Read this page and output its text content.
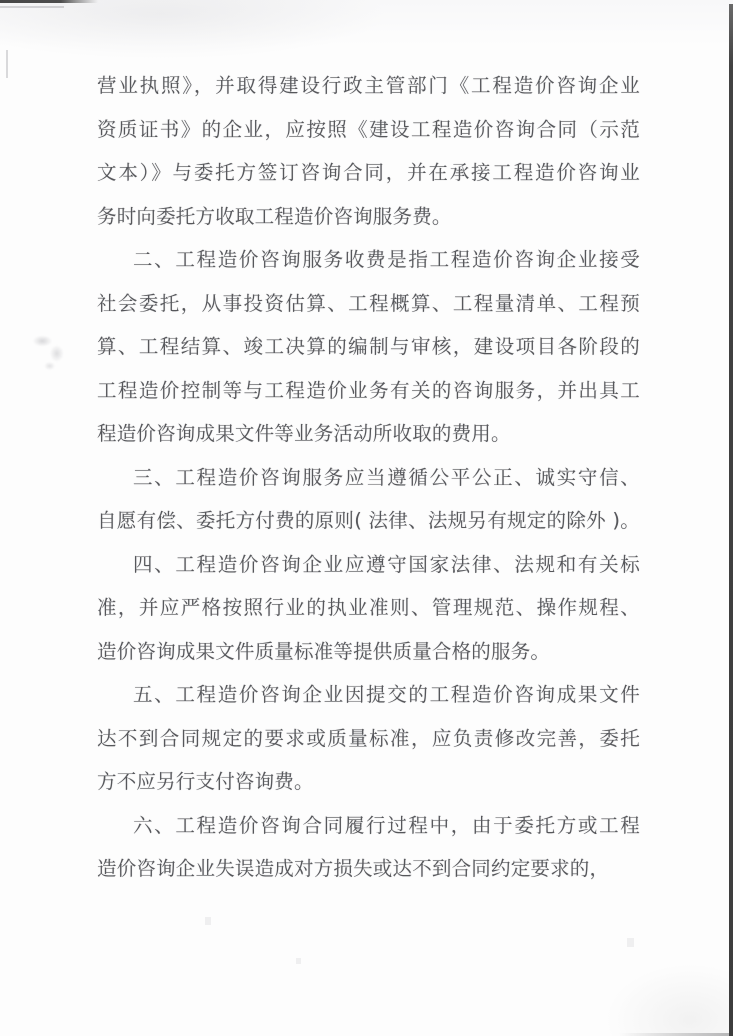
营业执照》，并取得建设行政主管部门《工程造价咨询企业
资质证书》的企业，应按照《建设工程造价咨询合同（示范
文本）》与委托方签订咨询合同，并在承接工程造价咨询业
务时向委托方收取工程造价咨询服务费。
二、工程造价咨询服务收费是指工程造价咨询企业接受
社会委托，从事投资估算、工程概算、工程量清单、工程预
算、工程结算、竣工决算的编制与审核，建设项目各阶段的
工程造价控制等与工程造价业务有关的咨询服务，并出具工
程造价咨询成果文件等业务活动所收取的费用。
三、工程造价咨询服务应当遵循公平公正、诚实守信、
自愿有偿、委托方付费的原则( 法律、法规另有规定的除外 )。
四、工程造价咨询企业应遵守国家法律、法规和有关标
准，并应严格按照行业的执业准则、管理规范、操作规程、
造价咨询成果文件质量标准等提供质量合格的服务。
五、工程造价咨询企业因提交的工程造价咨询成果文件
达不到合同规定的要求或质量标准，应负责修改完善，委托
方不应另行支付咨询费。
六、工程造价咨询合同履行过程中，由于委托方或工程
造价咨询企业失误造成对方损失或达不到合同约定要求的，
